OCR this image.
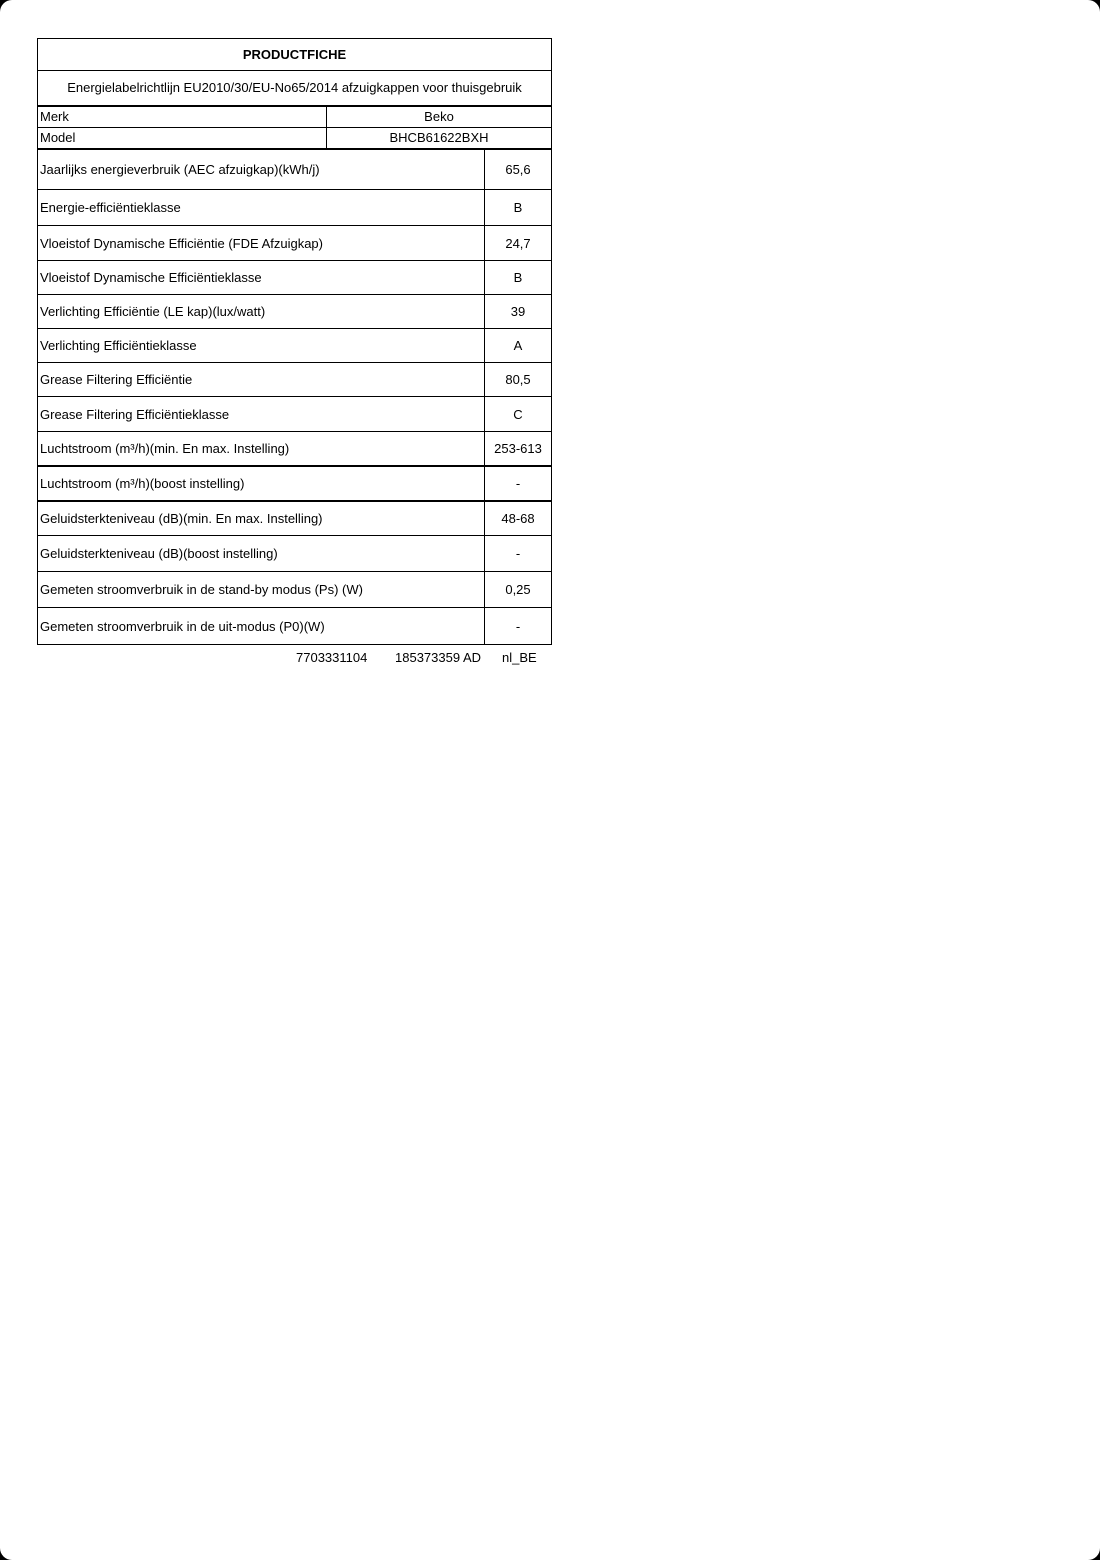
PRODUCTFICHE
Energielabelrichtlijn EU2010/30/EU-No65/2014 afzuigkappen voor thuisgebruik
Merk	Beko
Model	BHCB61622BXH
Jaarlijks energieverbruik (AEC afzuigkap)(kWh/j)	65,6
Energie-efficiëntieklasse	B
Vloeistof Dynamische Efficiëntie (FDE Afzuigkap)	24,7
Vloeistof Dynamische Efficiëntieklasse	B
Verlichting Efficiëntie (LE kap)(lux/watt)	39
Verlichting Efficiëntieklasse	A
Grease Filtering Efficiëntie	80,5
Grease Filtering Efficiëntieklasse	C
Luchtstroom (m³/h)(min. En max. Instelling)	253-613
Luchtstroom (m³/h)(boost instelling)	-
Geluidsterkteniveau (dB)(min. En max. Instelling)	48-68
Geluidsterkteniveau (dB)(boost instelling)	-
Gemeten stroomverbruik in de stand-by modus (Ps) (W)	0,25
Gemeten stroomverbruik in de uit-modus (P0)(W)	-
7703331104 185373359 AD nl_BE
